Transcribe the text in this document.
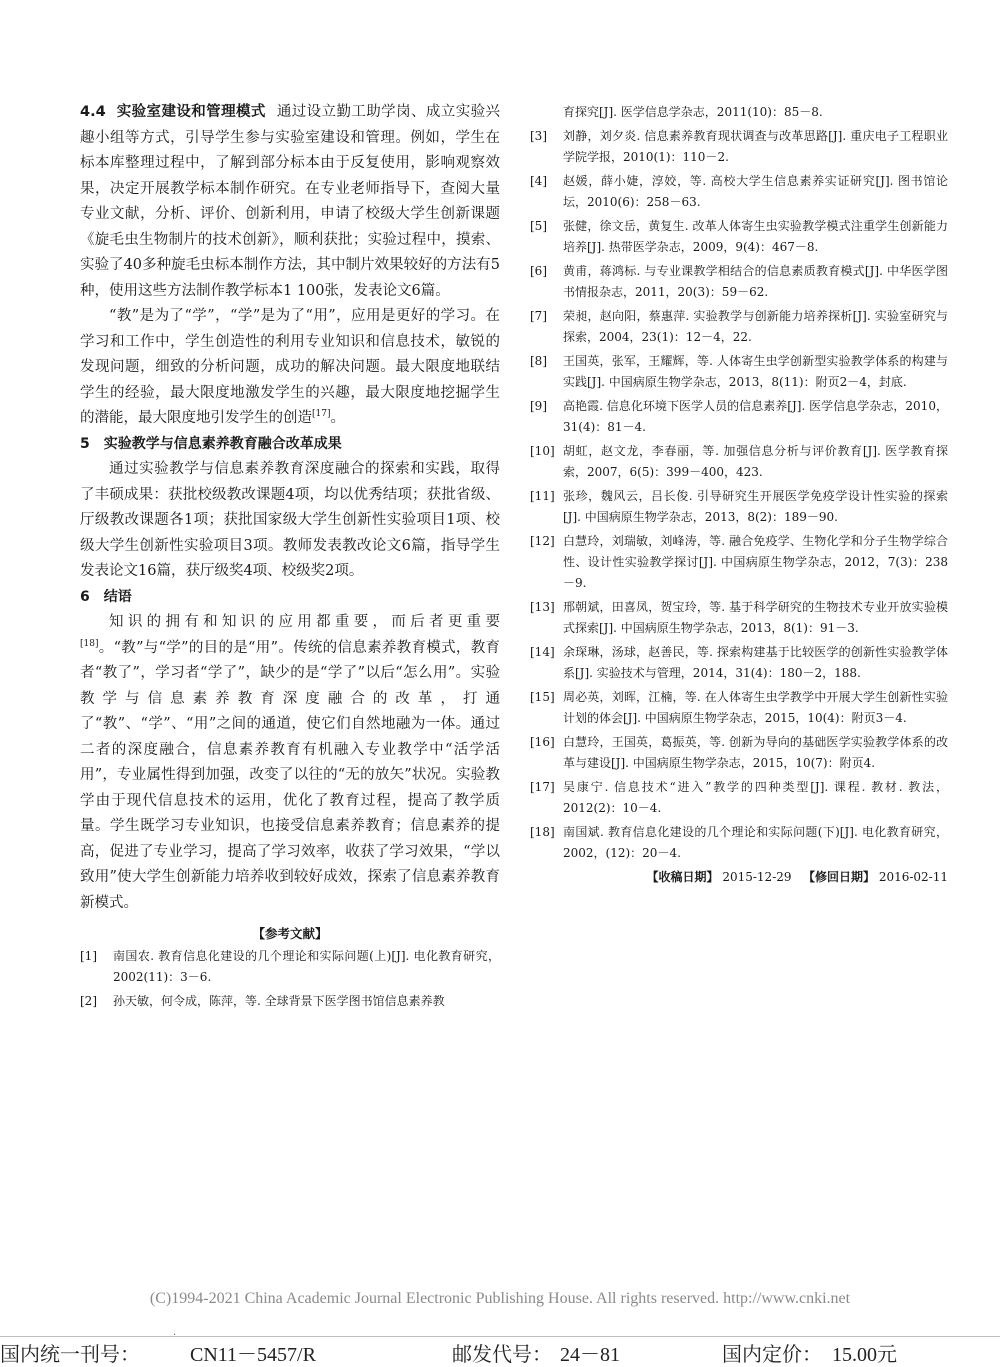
4.4 实验室建设和管理模式 通过设立勤工助学岗、成立实验兴趣小组等方式，引导学生参与实验室建设和管理。例如，学生在标本库整理过程中，了解到部分标本由于反复使用，影响观察效果，决定开展教学标本制作研究。在专业老师指导下，查阅大量专业文献，分析、评价、创新利用，申请了校级大学生创新课题《旋毛虫生物制片的技术创新》，顺利获批；实验过程中，摸索、实验了40多种旋毛虫标本制作方法，其中制片效果较好的方法有5种，使用这些方法制作教学标本1 100张，发表论文6篇。

“教”是为了“学”，“学”是为了“用”，应用是更好的学习。在学习和工作中，学生创造性的利用专业知识和信息技术，敏锐的发现问题，细致的分析问题，成功的解决问题。最大限度地联结学生的经验，最大限度地激发学生的兴趣，最大限度地挖掘学生的潜能，最大限度地引发学生的创造[17]。

5 实验教学与信息素养教育融合改革成果

通过实验教学与信息素养教育深度融合的探索和实践，取得了丰硕成果：获批校级教改课题4项，均以优秀结项；获批省级、厅级教改课题各1项；获批国家级大学生创新性实验项目1项、校级大学生创新性实验项目3项。教师发表教改论文6篇，指导学生发表论文16篇，获厅级奖4项、校级奖2项。

6 结语

知识的拥有和知识的应用都重要，而后者更重要[18]。“教”与“学”的目的是“用”。传统的信息素养教育模式，教育者“教了”，学习者“学了”，缺少的是“学了”以后“怎么用”。实验教学与信息素养教育深度融合的改革，打通了“教”、“学”、“用”之间的通道，使它们自然地融为一体。通过二者的深度融合，信息素养教育有机融入专业教学中“活学活用”，专业属性得到加强，改变了以往的“无的放矢”状况。实验教学由于现代信息技术的运用，优化了教育过程，提高了教学质量。学生既学习专业知识，也接受信息素养教育；信息素养的提高，促进了专业学习，提高了学习效率，收获了学习效果，“学以致用”使大学生创新能力培养收到较好成效，探索了信息素养教育新模式。

【参考文献】
[1] 南国农. 教育信息化建设的几个理论和实际问题(上)[J]. 电化教育研究，2002(11)：3－6.
[2] 孙天敏，何令成，陈萍，等. 全球背景下医学图书馆信息素养教
育探究[J]. 医学信息学杂志，2011(10)：85－8.
[3] 刘静，刘夕炎. 信息素养教育现状调查与改革思路[J]. 重庆电子工程职业学院学报，2010(1)：110－2.
[4] 赵媛，薛小婕，淳姣，等. 高校大学生信息素养实证研究[J]. 图书馆论坛，2010(6)：258－63.
[5] 张健，徐文岳，黄复生. 改革人体寄生虫实验教学模式注重学生创新能力培养[J]. 热带医学杂志，2009，9(4)：467－8.
[6] 黄甫，蒋鸿标. 与专业课教学相结合的信息素质教育模式[J]. 中华医学图书情报杂志，2011，20(3)：59－62.
[7] 荣昶，赵向阳，蔡惠萍. 实验教学与创新能力培养探析[J]. 实验室研究与探索，2004，23(1)：12－4，22.
[8] 王国英，张军，王耀辉，等. 人体寄生虫学创新型实验教学体系的构建与实践[J]. 中国病原生物学杂志，2013，8(11)：附页2－4，封底.
[9] 高艳霞. 信息化环境下医学人员的信息素养[J]. 医学信息学杂志，2010，31(4)：81－4.
[10] 胡虹，赵文龙，李春丽，等. 加强信息分析与评价教育[J]. 医学教育探索，2007，6(5)：399－400，423.
[11] 张珍，魏风云，吕长俊. 引导研究生开展医学免疫学设计性实验的探索[J]. 中国病原生物学杂志，2013，8(2)：189－90.
[12] 白慧玲，刘瑞敏，刘峰涛，等. 融合免疫学、生物化学和分子生物学综合性、设计性实验教学探讨[J]. 中国病原生物学杂志，2012，7(3)：238－9.
[13] 邢朝斌，田喜凤，贺宝玲，等. 基于科学研究的生物技术专业开放实验模式探索[J]. 中国病原生物学杂志，2013，8(1)：91－3.
[14] 余琛琳，汤球，赵善民，等. 探索构建基于比较医学的创新性实验教学体系[J]. 实验技术与管理，2014，31(4)：180－2，188.
[15] 周必英，刘晖，江楠，等. 在人体寄生虫学教学中开展大学生创新性实验计划的体会[J]. 中国病原生物学杂志，2015，10(4)：附页3－4.
[16] 白慧玲，王国英，葛振英，等. 创新为导向的基础医学实验教学体系的改革与建设[J]. 中国病原生物学杂志，2015，10(7)：附页4.
[17] 吴康宁. 信息技术“进入”教学的四种类型[J]. 课程. 教材. 教法，2012(2)：10－4.
[18] 南国斌. 教育信息化建设的几个理论和实际问题(下)[J]. 电化教育研究，2002，(12)：20－4.
【收稿日期】 2015-12-29 【修回日期】 2016-02-11
(C)1994-2021 China Academic Journal Electronic Publishing House. All rights reserved. http://www.cnki.net
·
国内统一刊号：	CN11－5457/R	邮发代号： 24－81	国内定价： 15.00元
